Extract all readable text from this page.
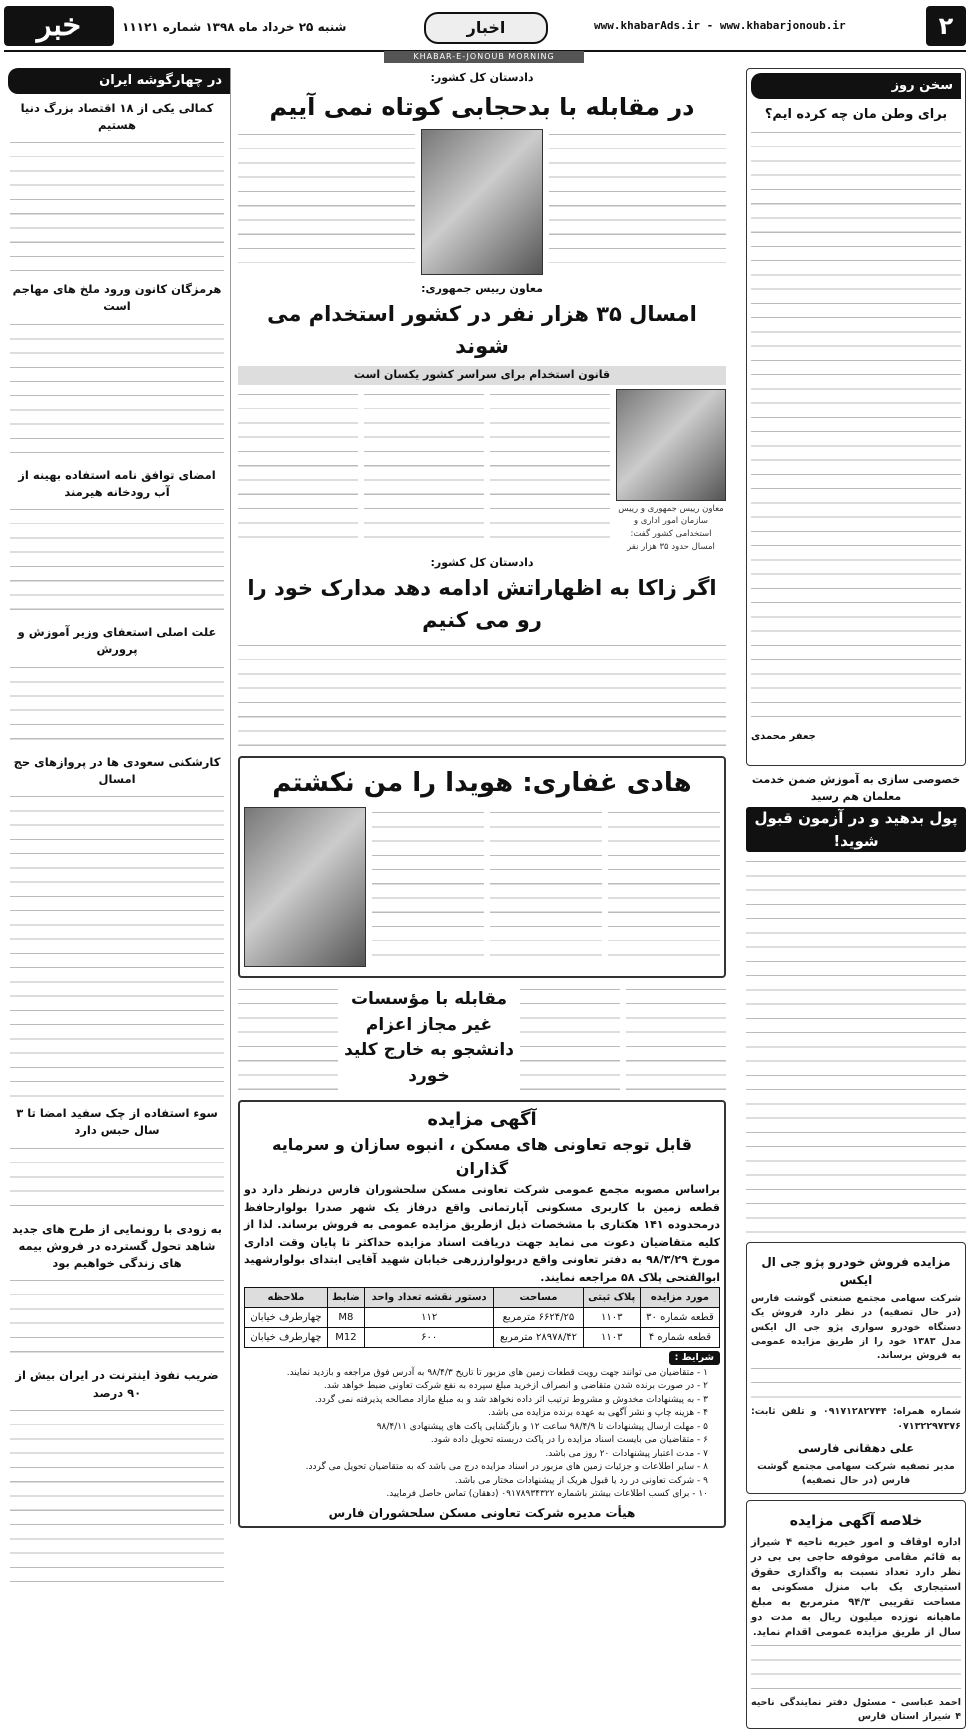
۲
www.khabarAds.ir - www.khabarjonoub.ir
اخبار
شنبه ۲۵ خرداد ماه ۱۳۹۸ شماره ۱۱۱۲۱
خبر
KHABAR-E-JONOUB MORNING NEWSPAPER
سخن روز
برای وطن مان چه کرده ایم؟
جعفر محمدی
خصوصی سازی به آموزش ضمن خدمت معلمان هم رسید
پول بدهید و در آزمون قبول شوید!
مزایده فروش خودرو پژو جی ال ایکس
شرکت سهامی مجتمع صنعتی گوشت فارس (در حال تصفیه) در نظر دارد فروش یک دستگاه خودرو سواری پژو جی ال ایکس مدل ۱۳۸۳ خود را از طریق مزایده عمومی به فروش برساند.
شماره همراه: ۰۹۱۷۱۲۸۲۷۴۴ و تلفن ثابت: ۰۷۱۳۲۲۹۷۳۷۶
علی دهقانی فارسی
مدیر تصفیه شرکت سهامی مجتمع گوشت فارس (در حال تصفیه)
خلاصه آگهی مزایده
اداره اوقاف و امور خیریه ناحیه ۴ شیراز به قائم مقامی موقوفه حاجی بی بی در نظر دارد تعداد نسبت به واگذاری حقوق استیجاری یک باب منزل مسکونی به مساحت تقریبی ۹۴/۳ مترمربع به مبلغ ماهیانه نوزده میلیون ریال به مدت دو سال از طریق مزایده عمومی اقدام نماید.
احمد عباسی - مسئول دفتر نمایندگی ناحیه ۴ شیراز استان فارس
دادستان کل کشور:
در مقابله با بدحجابی کوتاه نمی آییم
معاون رییس جمهوری:
امسال ۳۵ هزار نفر در کشور استخدام می شوند
قانون استخدام برای سراسر کشور یکسان است
معاون رییس جمهوری و رییس سازمان امور اداری و استخدامی کشور گفت: امسال حدود ۳۵ هزار نفر
دادستان کل کشور:
اگر زاکا به اظهاراتش ادامه دهد مدارک خود را رو می کنیم
هادی غفاری: هویدا را من نکشتم
مقابله با مؤسسات غیر مجاز اعزام دانشجو به خارج کلید خورد
آگهی مزایده
قابل توجه تعاونی های مسکن ، انبوه سازان و سرمایه گذاران
براساس مصوبه مجمع عمومی شرکت تعاونی مسکن سلحشوران فارس درنظر دارد دو قطعه زمین با کاربری مسکونی آپارتمانی واقع درفاز یک شهر صدرا بولوارحافظ درمحدوده ۱۴۱ هکتاری با مشخصات ذیل ازطریق مزایده عمومی به فروش برساند. لذا از کلیه متقاضیان دعوت می نماید جهت دریافت اسناد مزایده حداکثر تا پایان وقت اداری مورخ ۹۸/۳/۲۹ به دفتر تعاونی واقع دربولوارزرهی خیابان شهید آقایی ابتدای بولوارشهید ابوالفتحی پلاک ۵۸ مراجعه نمایند.
مورد مزایده	پلاک ثبتی	مساحت	دستور نقشه تعداد واحد	ضابط	ملاحظه
قطعه شماره ۳۰	۱۱۰۳	۶۶۲۴/۲۵ مترمربع	۱۱۲	M8	چهارطرف خیابان
قطعه شماره ۴	۱۱۰۳	۲۸۹۷۸/۴۲ مترمربع	۶۰۰	M12	چهارطرف خیابان
شرایط :
۱ - متقاضیان می توانند جهت رویت قطعات زمین های مزبور تا تاریخ ۹۸/۴/۳ به آدرس فوق مراجعه و بازدید نمایند.
۲ - در صورت برنده شدن متقاضی و انصراف ازخرید مبلغ سپرده به نفع شرکت تعاونی ضبط خواهد شد.
۳ - به پیشنهادات مخدوش و مشروط ترتیب اثر داده نخواهد شد و به مبلغ مازاد مصالحه پذیرفته نمی گردد.
۴ - هزینه چاپ و نشر آگهی به عهده برنده مزایده می باشد.
۵ - مهلت ارسال پیشنهادات تا ۹۸/۴/۹ ساعت ۱۲ و بازگشایی پاکت های پیشنهادی ۹۸/۴/۱۱
۶ - متقاضیان می بایست اسناد مزایده را در پاکت دربسته تحویل داده شود.
۷ - مدت اعتبار پیشنهادات ۲۰ روز می باشد.
۸ - سایر اطلاعات و جزئیات زمین های مزبور در اسناد مزایده درج می باشد که به متقاضیان تحویل می گردد.
۹ - شرکت تعاونی در رد یا قبول هریک از پیشنهادات مختار می باشد.
۱۰ - برای کسب اطلاعات بیشتر باشماره ۰۹۱۷۸۹۳۴۳۲۲ (دهقان) تماس حاصل فرمایید.
هیأت مدیره شرکت تعاونی مسکن سلحشوران فارس
در چهارگوشه ایران
کمالی یکی از ۱۸ اقتصاد بزرگ دنیا هستیم
هرمزگان کانون ورود ملخ های مهاجم است
امضای توافق نامه استفاده بهینه از آب رودخانه هیرمند
علت اصلی استعفای وزیر آموزش و پرورش
کارشکنی سعودی ها در پروازهای حج امسال
سوء استفاده از چک سفید امضا تا ۳ سال حبس دارد
به زودی با رونمایی از طرح های جدید شاهد تحول گسترده در فروش بیمه های زندگی خواهیم بود
ضریب نفوذ اینترنت در ایران بیش از ۹۰ درصد
